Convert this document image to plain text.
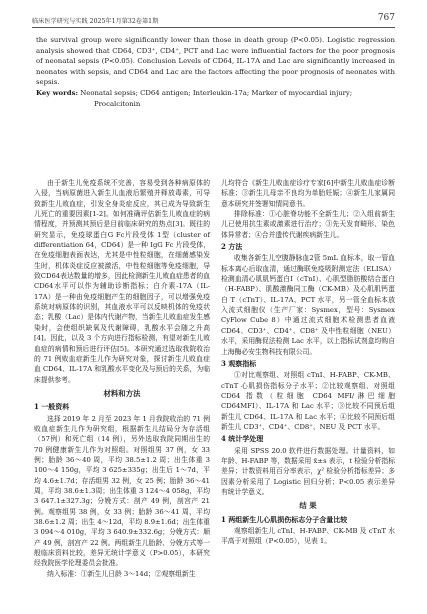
临床医学研究与实践 2025年1月第32卷第1期	767

the survival group were significantly lower than those in death group (P<0.05). Logistic regression analysis showed that CD64, CD3⁺, CD4⁺, PCT and Lac were influential factors for the poor prognosis of neonatal sepsis (P<0.05). Conclusion Levels of CD64, IL-17A and Lac are significantly increased in neonates with sepsis, and CD64 and Lac are the factors affecting the poor prognosis of neonates with sepsis.

Key words: Neonatal sepsis; CD64 antigen; Interleukin-17a; Marker of myocardial injury;

Procalcitonin

由于新生儿免疫系统不完善，容易受到各种病原体的入侵，当病原菌进入新生儿血液后繁殖并释放毒素，可导致新生儿败血症，引发全身炎症反应，其已成为导致新生儿死亡的重要因素[1-2]。如何准确评估新生儿败血症的病情程度，并预测其预后是目前临床研究的热点[3]。既往的研究显示，免疫球蛋白G Fc片段受体 1型（cluster of differentiation 64，CD64）是一种 IgG Fc 片段受体，在免疫细胞表面表达，尤其是中性粒细胞，在细菌感染发生时，机体炎症反应被激活，中性粒细胞等免疫细胞，导致CD64表达数量的增多，因此检测新生儿败血症患者的血CD64水平可以作为辅助诊断指标；白介素-17A（IL-17A）是一种由免疫细胞产生的细胞因子，可以增强免疫系统对病原体的识别，其血液水平可以反映机体的免疫状态；乳酸（Lac）是体内代谢产物，当新生儿败血症发生感染时，会使组织缺氧及代谢障碍，乳酸水平会随之升高[4]。因此，以及 3 个方向进行指标检测，有望对新生儿败血症的病情和预后进行评估[5]。本研究通过选取我院收治的 71 例败血症新生儿作为研究对象，探讨新生儿败血症血 CD64、IL-17A 和乳酸水平变化及与预后的关系，为临床提供参考。

材料和方法
1 一般资料

选择 2019 年 2 月至 2023 年 1 月我院收治的 71 例败血症新生儿作为研究组，根据新生儿结局分为存活组（57例）和死亡组（14 例），另外选取我院同期出生的 70 例健康新生儿作为对照组。对照组男 37 例，女 33 例；胎龄 36～40 周，平均 38.5±1.2 周；出生体重 3 100～4 150g，平均 3 625±335g；出生后 1～7d，平均 4.6±1.7d；存活组男 32 例，女 25 例；胎龄 36～41周，平均 38.6±1.3周；出生体重 3 124～4 058g，平均 3 647.1±327.3g；分娩方式：剖产 49 例，剖宫产 21 例。观察组男 38 例，女 33 例；胎龄 36～41 周，平均 38.6±1.2 周；出生 4～12d，平均 8.9±1.6d；出生体重 3 094～4 010g，平均 3 640.9±332.6g；分娩方式：顺产 49 例，剖宫产 22 例。两组新生儿胎龄、分娩方式等一般临床资料比较，差异无统计学意义（P>0.05），本研究经我院医学伦理委员会批准。

纳入标准：①新生儿日龄 3～14d；②观察组新生

儿均符合《新生儿败血症诊疗专家[6]中新生儿败血症诊断标准；③新生儿母亲不良均为单胎妊娠；④新生儿家属同意本研究并签署知情同意书。

排除标准：①心脏脊功能不全新生儿；②入组前新生儿已使用抗生素或激素进行治疗；③先天发育畸形、染色体异常者；④合并遗传代谢疾病新生儿。

2 方法

收集各新生儿空腹静脉血2管 5mL 血标本，取一管血标本离心后取血清，通过酶联免疫吸附测定法（ELISA）检测血清心肌肌钙蛋白I（cTnI）、心肌型脂肪酸结合蛋白（H-FABP）、肌酸激酶同工酶（CK-MB）及心肌肌钙蛋白 T（cTnT）、IL-17A、PCT 水平，另一管全血标本放入流式细胞仪（生产厂家：Sysmex，型号：Sysmex CyFlow Cube 8）中通过流式细胞术检测患者血液 CD64、CD3⁺、CD4⁺、CD8⁺ 及中性粒细胞（NEU）水平，采用酶促法检测 Lac 水平，以上指标试剂盒均购自上海酶必安生物科技有限公司。

3 观察指标

①对比观察组、对照组 cTnI、H-FABP、CK-MB、cTnT 心肌损伤指标分子水平；②比较观察组、对照组 CD64 指数（粒细胞 CD64 MFI/淋巴细胞 CD64MFI）、IL-17A 和 Lac 水平；③比较不同预后组新生儿 CD64、IL-17A 和 Lac 水平；④比较不同预后组新生儿 CD3⁺、CD4⁺、CD8⁺、NEU 及 PCT 水平。

4 统计学处理

采用 SPSS 20.0 软件进行数据处理。计量资料，如年龄、H-FABP 等，数据采用 x̄±s 表示，t 检验分析指标差异；计数资料用百分率表示，χ² 检验分析指标差异；多因素分析采用了 Logistic 回归分析；P<0.05 表示差异有统计学意义。

结 果
1 两组新生儿心肌损伤标志分子含量比较

观察组新生儿 cTnI、H-FABP、CK-MB 及 cTnT 水平高于对照组（P<0.05），见表 1。
